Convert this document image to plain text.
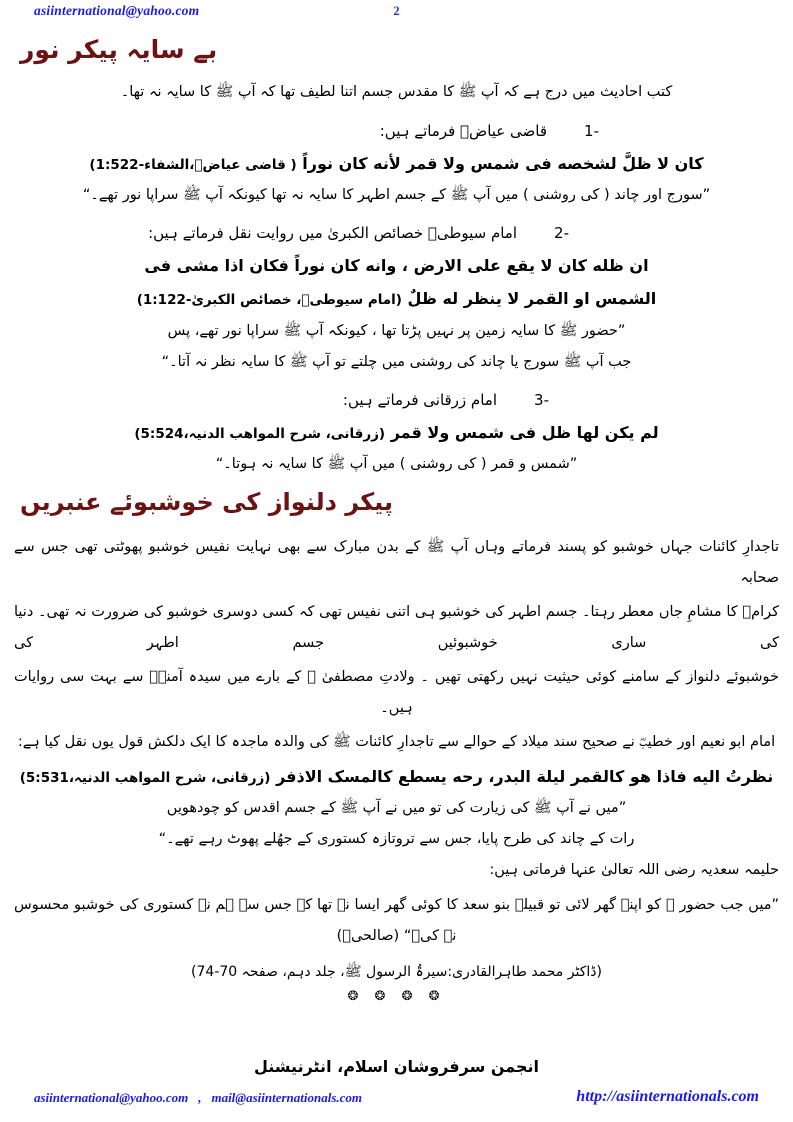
asiinternational@yahoo.com	2
بے سایہ پیکر نور
کتب احادیث میں درج ہے کہ آپ ﷺ کا مقدس جسم اتنا لطیف تھا کہ آپ ﷺ کا سایہ نہ تھا۔
1-قاضی عیاضؒ فرماتے ہیں:
کان لا ظلَّ لشخصه فی شمس ولا قمر لأنه کان نوراً ( قاضی عیاضؒ،الشفاء-1:522)
”سورج اور چاند ( کی روشنی ) میں آپ ﷺ کے جسم اطہر کا سایہ نہ تھا کیونکہ آپ ﷺ سراپا نور تھے۔“
2-امام سیوطیؒ خصائص الکبریٰ میں روایت نقل فرماتے ہیں:
ان ظله کان لا یقع علی الارض ، وانه کان نوراً فکان اذا مشی فی
الشمس او القمر لا ینظر له ظلٌ (امام سیوطیؒ، خصائص الکبریٰ-1:122)
”حضور ﷺ کا سایہ زمین پر نہیں پڑتا تھا ، کیونکہ آپ ﷺ سراپا نور تھے، پس
جب آپ ﷺ سورج یا چاند کی روشنی میں چلتے تو آپ ﷺ کا سایہ نظر نہ آتا۔“
3-امام زرقانی فرماتے ہیں:
لم یکن لها ظل فی شمس ولا قمر (زرقانی، شرح المواهب الدنیہ،5:524)
”شمس و قمر ( کی روشنی ) میں آپ ﷺ کا سایہ نہ ہوتا۔“
پیکر دلنواز کی خوشبوئے عنبریں
تاجدارِ کائنات جہاں خوشبو کو پسند فرماتے وہاں آپ ﷺ کے بدن مبارک سے بھی نہایت نفیس خوشبو پھوٹتی تھی جس سے صحابہ
کرامؓ کا مشامِ جاں معطر رہتا۔ جسم اطہر کی خوشبو ہی اتنی نفیس تھی کہ کسی دوسری خوشبو کی ضرورت نہ تھی۔ دنیا کی ساری خوشبوئیں جسم اطہر کی
خوشبوئے دلنواز کے سامنے کوئی حیثیت نہیں رکھتی تھیں ۔ ولادتِ مصطفیٰ ﷺ کے بارے میں سیدہ آمنہؓ سے بہت سی روایات ہیں۔
امام ابو نعیم اور خطیبؓ نے صحیح سند میلاد کے حوالے سے تاجدارِ کائنات ﷺ کی والدہ ماجدہ کا ایک دلکش قول یوں نقل کیا ہے:
نظرتُ الیه فاذا هو کالقمر لیلة البدر، رحه یسطع کالمسک الاذفر (زرقانی، شرح المواهب الدنیہ،5:531)
”میں نے آپ ﷺ کی زیارت کی تو میں نے آپ ﷺ کے جسم اقدس کو چودھویں
رات کے چاند کی طرح پایا، جس سے تروتازہ کستوری کے جھُلے پھوٹ رہے تھے۔“
حلیمہ سعدیہ رضی اللہ تعالیٰ عنہا فرماتی ہیں:
”میں جب حضور ﷺ کو اپنے گھر لائی تو قبیلہ بنو سعد کا کوئی گھر ایسا نہ تھا کہ جس سے ہم نے کستوری کی خوشبو محسوس نہ کی۔“ (صالحیؒ)
(ڈاکٹر محمد طاہرالقادری:سیرۃُ الرسول ﷺ، جلد دہم، صفحہ 70-74)
❂ ❂ ❂ ❂
انجمن سرفروشان اسلام، انٹرنیشنل
asiinternational@yahoo.com , mail@asiinternationals.com	http://asiinternationals.com
